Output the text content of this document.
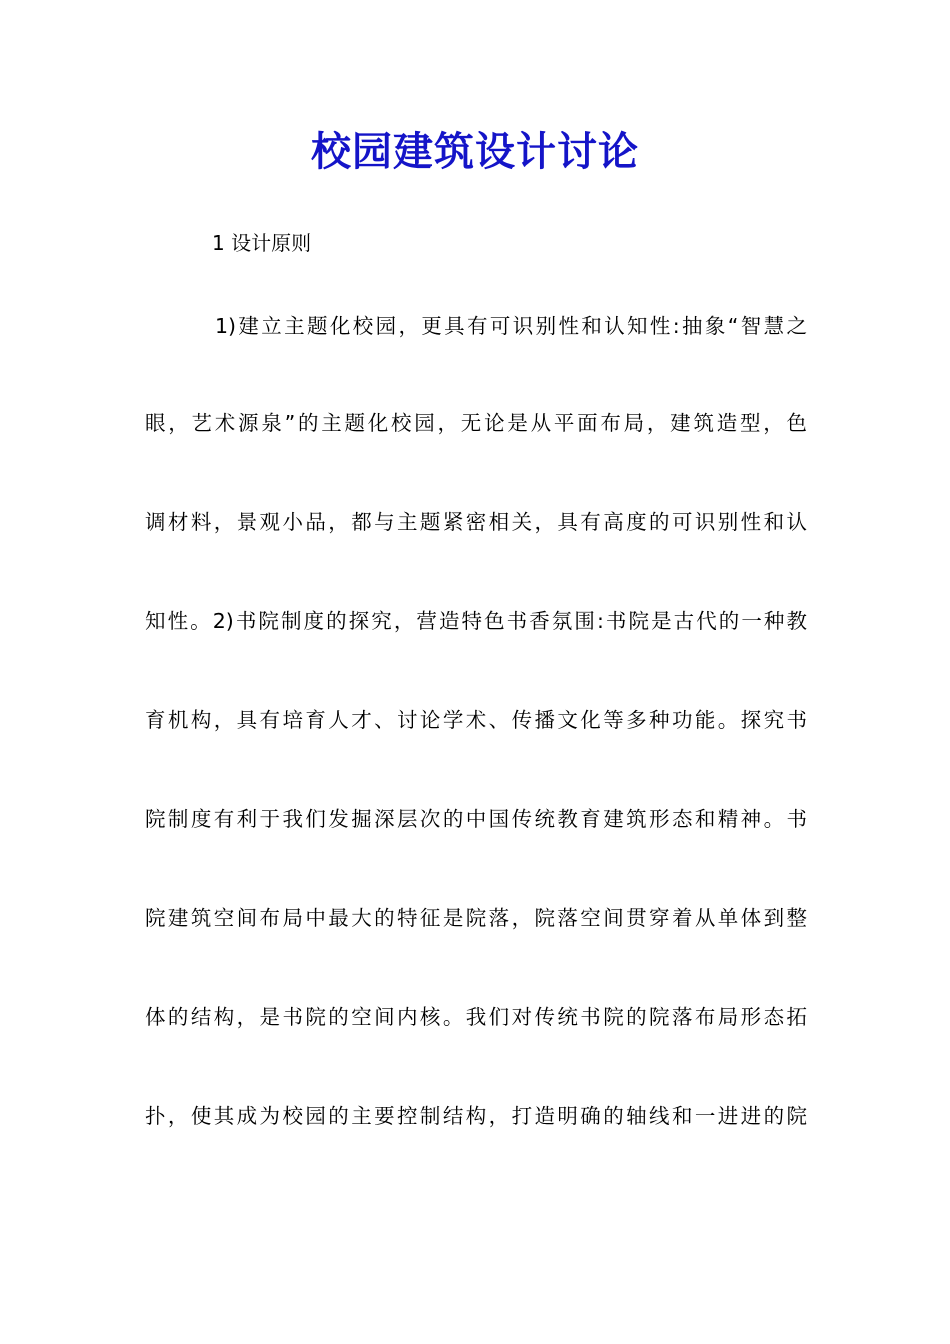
校园建筑设计讨论
1 设计原则
1)建立主题化校园，更具有可识别性和认知性:抽象“智慧之
眼，艺术源泉”的主题化校园，无论是从平面布局，建筑造型，色
调材料，景观小品，都与主题紧密相关，具有高度的可识别性和认
知性。2)书院制度的探究，营造特色书香氛围:书院是古代的一种教
育机构，具有培育人才、讨论学术、传播文化等多种功能。探究书
院制度有利于我们发掘深层次的中国传统教育建筑形态和精神。书
院建筑空间布局中最大的特征是院落，院落空间贯穿着从单体到整
体的结构，是书院的空间内核。我们对传统书院的院落布局形态拓
扑，使其成为校园的主要控制结构，打造明确的轴线和一进进的院
